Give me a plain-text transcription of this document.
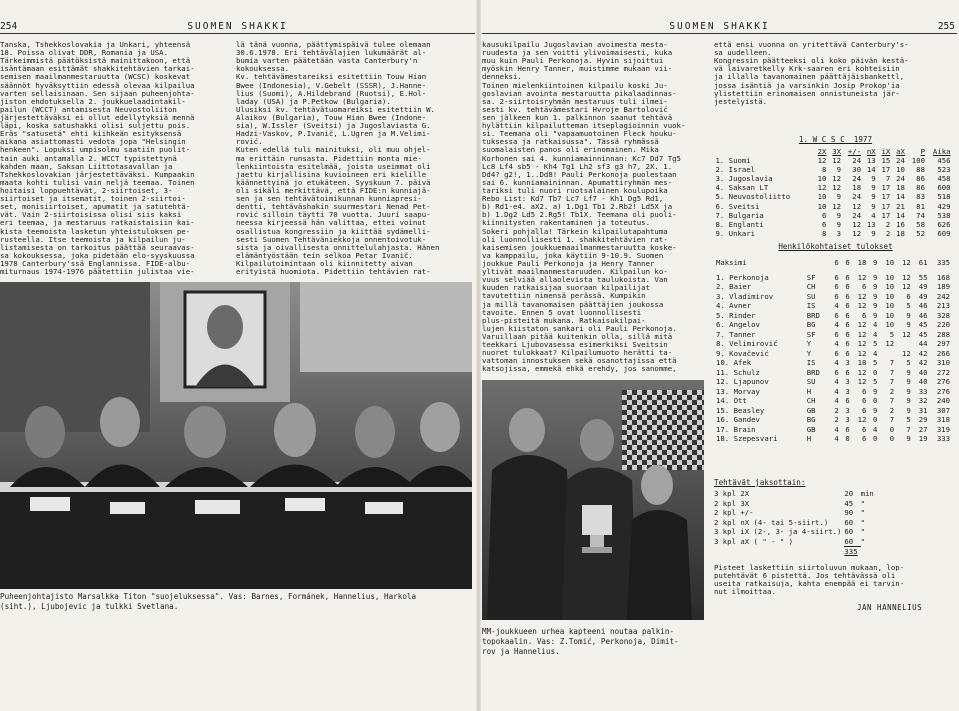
254	SUOMEN SHAKKI
Tanska, Tshekkoslovakia ja Unkari, yhteensä
18. Poissa olivat DDR, Romania ja USA.
Tärkeimmistä päätöksistä mainittakoon, että
isäntämaan esittämät shakkitehtävien tarkai-
semisen maailmanmestaruutta (WCSC) koskevat
säännöt hyväksyttiin edessä olevaa kilpailua
varten sellaisinaan. Sen sijaan puheenjohta-
jiston ehdotuksella 2. joukkuelaadintakil-
pailun (WCCT) antamisesta Neuvostoliiton
järjestettäväksi ei ollut edellytyksiä mennä
läpi, koska satushakki olisi suljettu pois.
Eräs "satusetä" ehti kiihkeän esityksensä
aikana asiattomasti vedota jopa "Helsingin
henkeen". Lopuksi umpisolmu saatiin puolit-
tain auki antamalla 2. WCCT typistettynä
kahden maan, Saksan Liittotasavallan ja
Tshekkoslovakian järjestettäväksi. Kumpaakin
maata kohti tulisi vain neljä teemaa. Toinen
hoitaisi loppuehtävät, 2-siirtoiset, 3-
siirtoiset ja itsematit, toinen 2-siirtoi-
set, monisiirtoiset, apumatit ja satutehtä-
vät. Vain 2-siirtoisissa olisi siis kaksi
eri teemaa, ja mestaruus ratkaistaisiin kai-
kista teemoista lasketun yhteistuloksen pe-
rusteella. Itse teemoista ja kilpailun ju-
listamisesta on tarkoitus päättää seuraavas-
sa kokouksessa, joka pidetään elo-syyskuussa
1978 Canterbury'ssä Englannissa. FIDE-albu-
miturnaus 1974-1976 päätettiin julistaa vie-
lä tänä vuonna, päättymispäivä tulee olemaan
30.6.1978. Eri tehtävälajien lukumäärät al-
bumia varten päätetään vasta Canterbury'n
kokouksessa.
Kv. tehtävämestareiksi esitettiin Touw Hian
Bwee (Indonesia), V.Gebelt (SSSR), J.Hanne-
lius (Suomi), A.Hildebrand (Ruotsi), E.Hol-
laday (USA) ja P.Petkow (Bulgaria).
Ulusiksi kv. tehtävätuomareiksi esitettiin W.
Alaikov (Bulgaria), Touw Hian Bwee (Indone-
sia), W.Issler (Sveitsi) ja Jugoslaviasta G.
Hadzi-Vaskov, P.Ivanič, L.Ugren ja M.Velimi-
rović.
Kuten edellä tuli mainituksi, oli muu ohjel-
ma erittäin runsasta. Pidettiin monta mie-
lenkiintoista esitelmää, joista useimmat oli
jaettu kirjallisina kuvioineen eri kielille
käännettyinä jo etukäteen. Syyskuun 7. päivä
oli sikäli merkittävä, että FIDE:n kunniajä-
sen ja sen tehtävätoimikunnan kunniapresi-
dentti, tehtäväshakin suurmestari Nenad Pet-
rović silloin täytti 70 vuotta. Juuri saapu-
neessa kirjeessä hän valittaa, ettei voinut
osallistua kongressiin ja kiittää sydämelli-
sesti Suomen Tehtäväniekkoja onnentoivotuk-
sista ja oivallisesta onnittelulahjasta. Hänen
elämäntyöstään tein selkoa Petar Ivanič.
Kilpailutoimintaan oli kiinnitetty aivan
erityistä huomiota. Pidettiin tehtävien rat-
Puheenjohtajisto Marsalkka Titon "suojeluksessa". Vas: Barnes, Formánek, Hannelius, Harkola
(siht.), Ljubojevic ja tulkki Svetlana.
SUOMEN SHAKKI	255
kausukilpailu Jugoslavian avoimesta mesta-
ruudesta ja sen voitti ylivoimaisesti, kuka
muu kuin Pauli Perkonoja. Hyvin sijoittui
myöskin Henry Tanner, muistimme mukaan vii-
denneksi.
Toinen mielenkiintoinen kilpailu koski Ju-
goslavian avointa mestaruutta pikalaadinnas-
sa. 2-siirtoisryhmän mestaruus tuli ilmei-
sesti kv. tehtävämestari Hvroje Bartolović
sen jälkeen kun 1. palkinnon saanut tehtävä
hylättiin kilpailutteman itseplagioinnin vuok-
si. Teemana oli "vapaamuotoinen Fleck houku-
tuksessa ja ratkaisussa". Tässä ryhmässä
suomalaisten panos oli erinomainen. Mika
Korhonen sai 4. kunniamainninnan: Kc7 Dd7 Tg5
Lc8 Lf4 sb5 - Kh4 Tg1 Lh2 sf3 g3 h7, 2X. 1.
Dd4? g2!, 1..Dd8! Pauli Perkonoja puolestaan
sai 6. kunniamaininnan. Apumattiryhmän mes-
tariksi tuli nuori ruotsalainen koulupoika
Rebo List: Kd7 Tb7 Lc7 Lf7 - Kh1 Dg5 Rd1,
b) Rd1-e4. aX2. a) 1.Dg1 Tb1 2.Rb2! Ld5X ja
b) 1.Dg2 Ld5 2.Rg5! Tb1X. Teemana oli puoli-
kiinnitysten rakentaminen ja toteutus.
Sokeri pohjalla! Tärkein kilpailutapahtuma
oli luonnollisesti 1. shakkitehtävien rat-
kaisemisen joukkuemaailmanmestaruutta koske-
va kamppailu, joka käytiin 9-10.9. Suomen
joukkue Pauli Perkonoja ja Henry Tanner
yltivät maailmanmestaruuden. Kilpailun ko-
vuus selviää allaolevista taulukoista. Van
kuuden ratkaisijaa suoraan kilpailijat
tavutettiin nimensä perässä. Kumpikin
ja millä tavanomaisen päättäjien joukossa
tavoite. Ennen 5 ovat luonnollisesti
plus-pisteitä mukana. Ratkaisukilpai-
lujen kiistaton sankari oli Pauli Perkonoja.
Varuillaan pitää kuitenkin olla, sillä mitä
teekkari Ljubovasessa esimerkiksi Sveitsin
nuoret tulokkaat? Kilpailumuoto herätti ta-
vattoman innostuksen sekä osanottajissa että
katsojissa, emmekä ehkä erehdy, jos sanomme,
että ensi vuonna on yritettävä Canterbury's-
sa uudelleen.
Kongressin päätteeksi oli koko päivän kestä-
vä laivaretkelly Krk-saaren eri kohteisiin
ja illalla tavanomainen päättäjäisbankettl,
jossa isäntiä ja varsinkin Josip Prokop'ia
ylistettiin erinomaisen onnistuneista jär-
jestelyistä.
1. W C S C  1977
	2X	3X	+/-	nX	iX	aX	P	Aika
1. Suomi	12	12	24	13	15	24	100	456
2. Israel	8	9	30	14	17	10	88	523
3. Jugoslavia	10	12	24	9	7	24	86	458
4. Saksan LT	12	12	18	9	17	18	86	600
5. Neuvostoliitto	10	9	24	9	17	14	83	518
6. Sveitsi	10	12	12	9	17	21	81	429
7. Bulgaria	6	9	24	4	17	14	74	538
8. Englanti	6	9	12	13	2	16	58	626
9. Unkari	8	3	12	9	2	18	52	609
Henkilökohtaiset tulokset
Maksimi		6	6	18	9	10	12	61	335

1. Perkonoja	SF	6	6	12	9	10	12	55	168
2. Baier	CH	6	6	6	9	10	12	49	189
3. Vladimirov	SU	6	6	12	9	10	6	49	242
4. Avner	IS	4	6	12	9	10	5	46	213
5. Rinder	BRD	6	6	6	9	10	9	46	328
6. Angelov	BG	4	6	12	4	10	9	45	220
7. Tanner	SF	6	6	12	4	5	12	45	288
8. Velimirović	Y	4	6	12	5	12		44	297
9. Kovačević	Y	6	6	12	4		12	42	266
10. Afek	IS	4	3	18	5	7	5	42	310
11. Schulz	BRD	6	6	12	0	7	9	40	272
12. Ljapunov	SU	4	3	12	5	7	9	40	276
13. Morvay	H	4	3	6	9	2	9	33	276
14. Ott	CH	4	6	6	0	7	9	32	240
15. Beasley	GB	2	3	6	9	2	9	31	307
16. Gandev	BG	2	3	12	0	7	5	29	318
17. Brain	GB	4	6	6	4	0	7	27	319
18. Szepesvari	H	4	0	6	0	0	9	19	333
Tehtävät jaksottain:
3 kpl 2X	20	min
2 kpl 3X	45	"
2 kpl +/-	90	"
2 kpl nX (4- tai 5-siirt.)	60	"
3 kpl iX (2-, 3- ja 4-siirt.)	60	"
3 kpl aX ( " - " )	60	"
	335	
Pisteet laskettiin siirtoluvun mukaan, lop-
putehtävät 6 pistettä. Jos tehtävässä oli
useita ratkaisuja, kahta enempää ei tarvin-
nut ilmoittaa.
JAN HANNELIUS
MM-joukkueen urhea kapteeni noutaa palkin-
topokaalin. Vas: Z.Tomić, Perkonoja, Dimit-
rov ja Hannelius.
